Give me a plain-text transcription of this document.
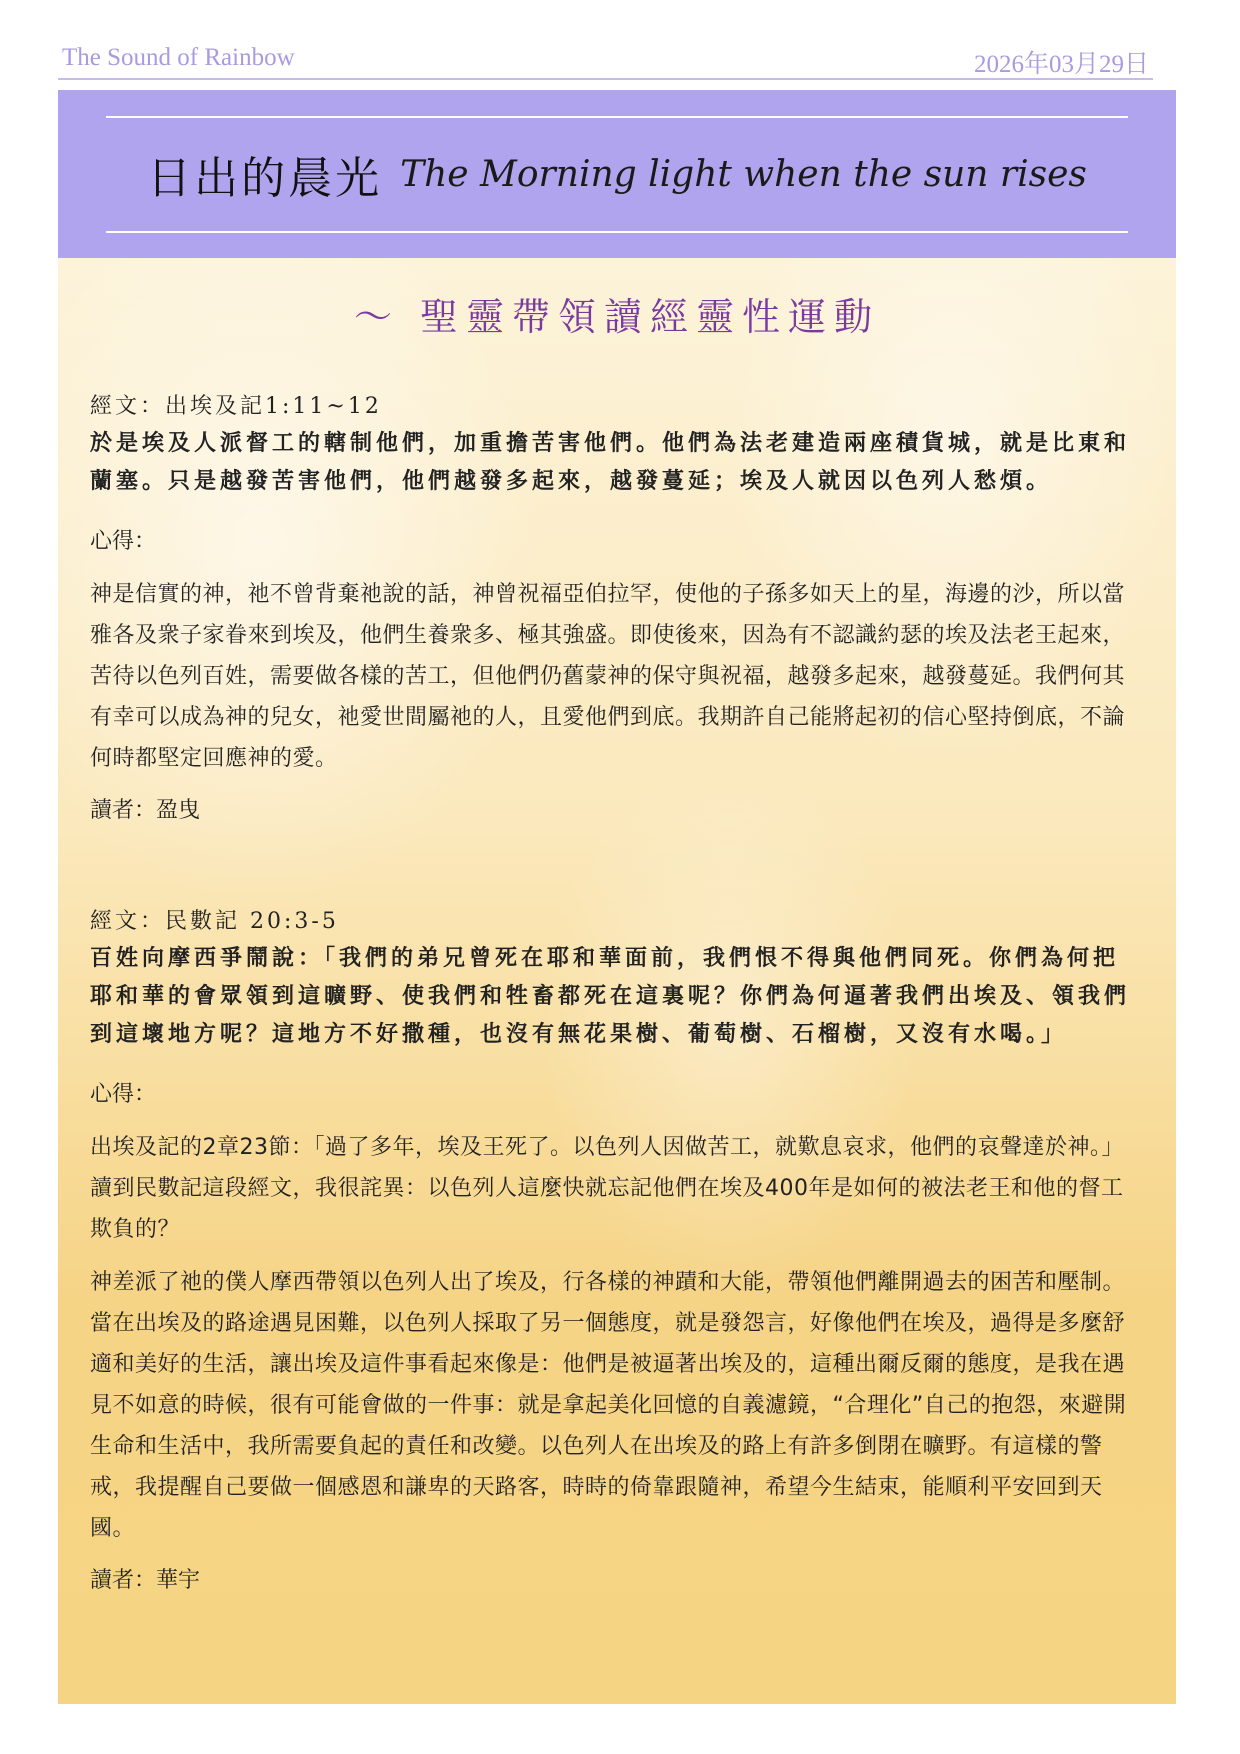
The Sound of Rainbow	2026年03月29日
日出的晨光 The Morning light when the sun rises
～ 聖靈帶領讀經靈性運動

經文：出埃及記1:11~12

於是埃及人派督工的轄制他們，加重擔苦害他們。他們為法老建造兩座積貨城，就是比東和蘭塞。只是越發苦害他們，他們越發多起來，越發蔓延；埃及人就因以色列人愁煩。

心得：

神是信實的神，祂不曾背棄祂說的話，神曾祝福亞伯拉罕，使他的子孫多如天上的星，海邊的沙，所以當雅各及衆子家眷來到埃及，他們生養衆多、極其強盛。即使後來，因為有不認識約瑟的埃及法老王起來，苦待以色列百姓，需要做各樣的苦工，但他們仍舊蒙神的保守與祝福，越發多起來，越發蔓延。我們何其有幸可以成為神的兒女，祂愛世間屬祂的人，且愛他們到底。我期許自己能將起初的信心堅持倒底，不論何時都堅定回應神的愛。

讀者：盈曳

經文：民數記 20:3-5

百姓向摩西爭鬧說：「我們的弟兄曾死在耶和華面前，我們恨不得與他們同死。你們為何把耶和華的會眾領到這曠野、使我們和牲畜都死在這裏呢？你們為何逼著我們出埃及、領我們到這壞地方呢？這地方不好撒種，也沒有無花果樹、葡萄樹、石榴樹，又沒有水喝。」

心得：

出埃及記的2章23節：「過了多年，埃及王死了。以色列人因做苦工，就歎息哀求，他們的哀聲達於神。」讀到民數記這段經文，我很詫異：以色列人這麼快就忘記他們在埃及400年是如何的被法老王和他的督工欺負的？

神差派了祂的僕人摩西帶領以色列人出了埃及，行各樣的神蹟和大能，帶領他們離開過去的困苦和壓制。當在出埃及的路途遇見困難，以色列人採取了另一個態度，就是發怨言，好像他們在埃及，過得是多麼舒適和美好的生活，讓出埃及這件事看起來像是：他們是被逼著出埃及的，這種出爾反爾的態度，是我在遇見不如意的時候，很有可能會做的一件事：就是拿起美化回憶的自義濾鏡，“合理化”自己的抱怨，來避開生命和生活中，我所需要負起的責任和改變。以色列人在出埃及的路上有許多倒閉在曠野。有這樣的警戒，我提醒自己要做一個感恩和謙卑的天路客，時時的倚靠跟隨神，希望今生結束，能順利平安回到天國。

讀者：華宇
